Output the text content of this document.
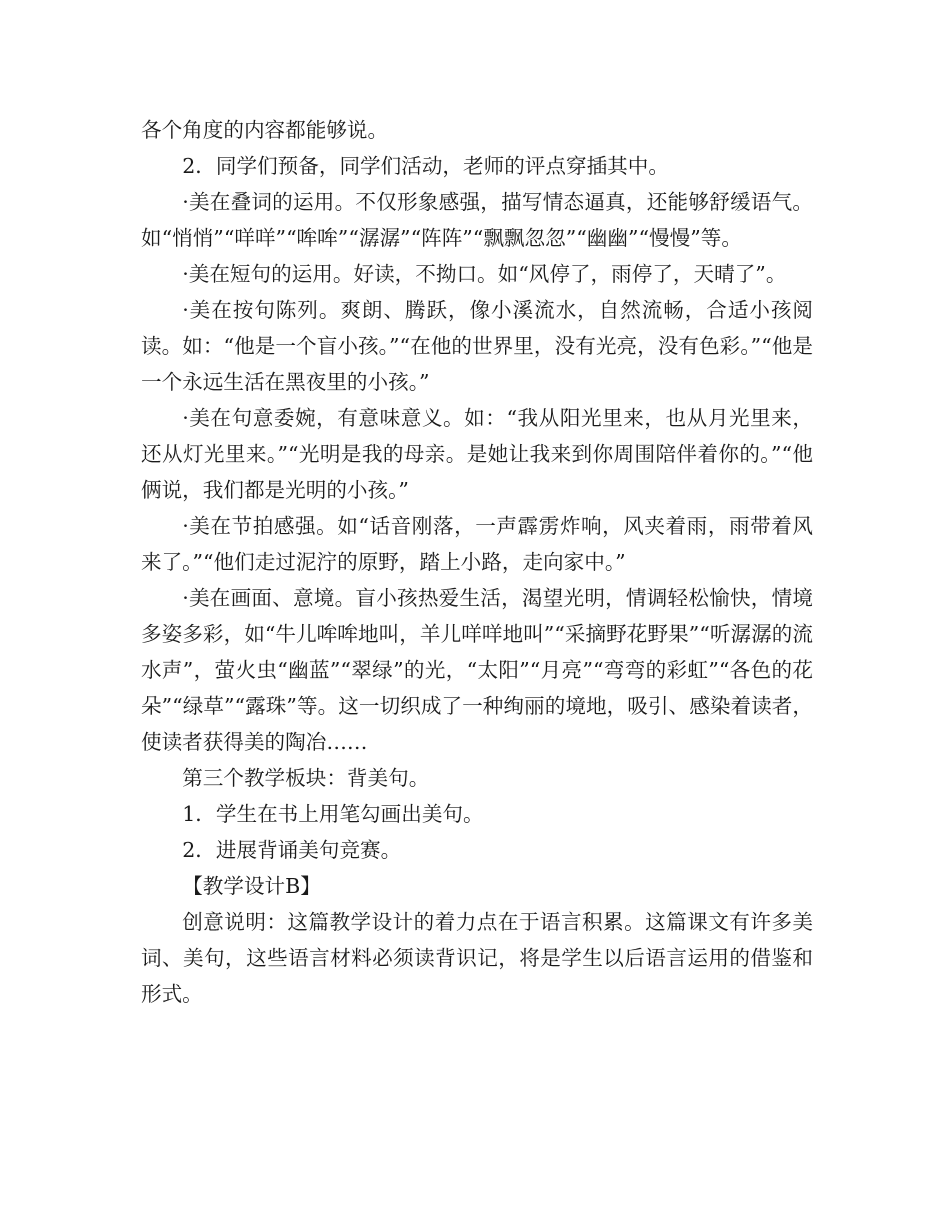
各个角度的内容都能够说。

2．同学们预备，同学们活动，老师的评点穿插其中。

·美在叠词的运用。不仅形象感强，描写情态逼真，还能够舒缓语气。如“悄悄”“咩咩”“哞哞”“潺潺”“阵阵”“飘飘忽忽”“幽幽”“慢慢”等。

·美在短句的运用。好读，不拗口。如“风停了，雨停了，天晴了”。

·美在按句陈列。爽朗、腾跃，像小溪流水，自然流畅，合适小孩阅读。如：“他是一个盲小孩。”“在他的世界里，没有光亮，没有色彩。”“他是一个永远生活在黑夜里的小孩。”

·美在句意委婉，有意味意义。如：“我从阳光里来，也从月光里来，还从灯光里来。”“光明是我的母亲。是她让我来到你周围陪伴着你的。”“他俩说，我们都是光明的小孩。”

·美在节拍感强。如“话音刚落，一声霹雳炸响，风夹着雨，雨带着风来了。”“他们走过泥泞的原野，踏上小路，走向家中。”

·美在画面、意境。盲小孩热爱生活，渴望光明，情调轻松愉快，情境多姿多彩，如“牛儿哞哞地叫，羊儿咩咩地叫”“采摘野花野果”“听潺潺的流水声”，萤火虫“幽蓝”“翠绿”的光，“太阳”“月亮”“弯弯的彩虹”“各色的花朵”“绿草”“露珠”等。这一切织成了一种绚丽的境地，吸引、感染着读者，使读者获得美的陶冶……

第三个教学板块：背美句。

1．学生在书上用笔勾画出美句。

2．进展背诵美句竞赛。

【教学设计B】

创意说明：这篇教学设计的着力点在于语言积累。这篇课文有许多美词、美句，这些语言材料必须读背识记，将是学生以后语言运用的借鉴和形式。
